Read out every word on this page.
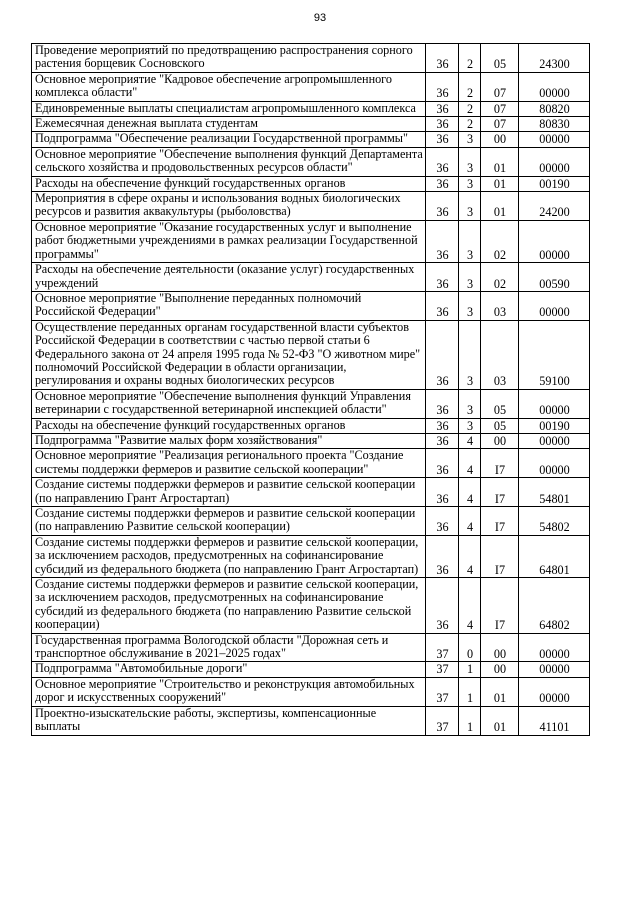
93
Проведение мероприятий по предотвращению распространения сорного растения борщевик Сосновского	36	2	05	24300
Основное мероприятие "Кадровое обеспечение агропромышленного комплекса области"	36	2	07	00000
Единовременные выплаты специалистам агропромышленного комплекса	36	2	07	80820
Ежемесячная денежная выплата студентам	36	2	07	80830
Подпрограмма "Обеспечение реализации Государственной программы"	36	3	00	00000
Основное мероприятие "Обеспечение выполнения функций Департамента сельского хозяйства и продовольственных ресурсов области"	36	3	01	00000
Расходы на обеспечение функций государственных органов	36	3	01	00190
Мероприятия в сфере охраны и использования водных биологических ресурсов и развития аквакультуры (рыболовства)	36	3	01	24200
Основное мероприятие "Оказание государственных услуг и выполнение работ бюджетными учреждениями в рамках реализации Государственной программы"	36	3	02	00000
Расходы на обеспечение деятельности (оказание услуг) государственных учреждений	36	3	02	00590
Основное мероприятие "Выполнение переданных полномочий Российской Федерации"	36	3	03	00000
Осуществление переданных органам государственной власти субъектов Российской Федерации в соответствии с частью первой статьи 6 Федерального закона от 24 апреля 1995 года № 52-ФЗ "О животном мире" полномочий Российской Федерации в области организации, регулирования и охраны водных биологических ресурсов	36	3	03	59100
Основное мероприятие "Обеспечение выполнения функций Управления ветеринарии с государственной ветеринарной инспекцией области"	36	3	05	00000
Расходы на обеспечение функций государственных органов	36	3	05	00190
Подпрограмма "Развитие малых форм хозяйствования"	36	4	00	00000
Основное мероприятие "Реализация регионального проекта "Создание системы поддержки фермеров и развитие сельской кооперации"	36	4	I7	00000
Создание системы поддержки фермеров и развитие сельской кооперации (по направлению Грант Агростартап)	36	4	I7	54801
Создание системы поддержки фермеров и развитие сельской кооперации (по направлению Развитие сельской кооперации)	36	4	I7	54802
Создание системы поддержки фермеров и развитие сельской кооперации, за исключением расходов, предусмотренных на софинансирование субсидий из федерального бюджета (по направлению Грант Агростартап)	36	4	I7	64801
Создание системы поддержки фермеров и развитие сельской кооперации, за исключением расходов, предусмотренных на софинансирование субсидий из федерального бюджета (по направлению Развитие сельской кооперации)	36	4	I7	64802
Государственная программа Вологодской области "Дорожная сеть и транспортное обслуживание в 2021–2025 годах"	37	0	00	00000
Подпрограмма "Автомобильные дороги"	37	1	00	00000
Основное мероприятие "Строительство и реконструкция автомобильных дорог и искусственных сооружений"	37	1	01	00000
Проектно-изыскательские работы, экспертизы, компенсационные выплаты	37	1	01	41101
